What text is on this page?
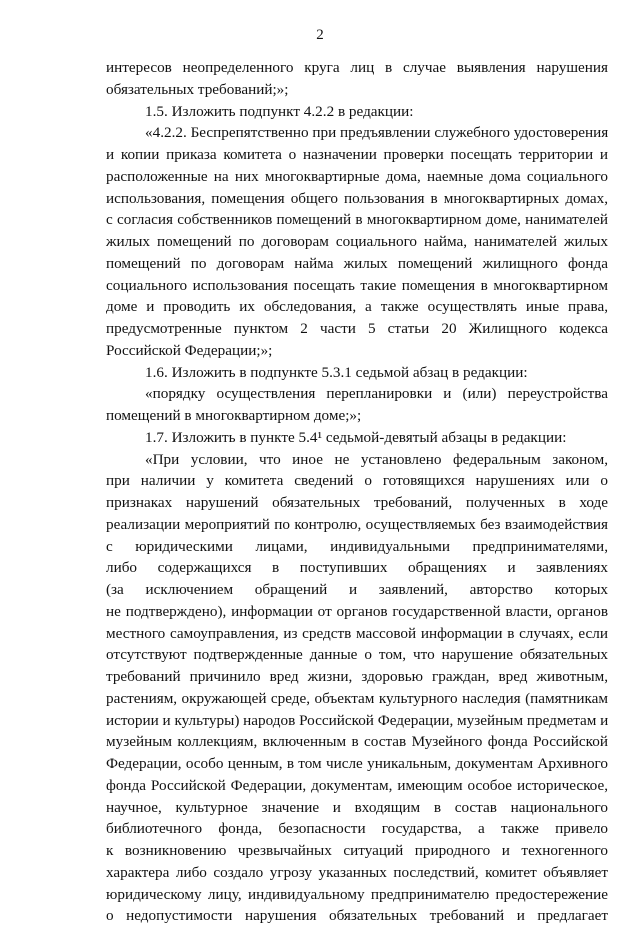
2
интересов неопределенного круга лиц в случае выявления нарушения
обязательных требований;»;
1.5. Изложить подпункт 4.2.2 в редакции:
«4.2.2. Беспрепятственно при предъявлении служебного удостоверения
и копии приказа комитета о назначении проверки посещать территории и
расположенные на них многоквартирные дома, наемные дома социального
использования, помещения общего пользования в многоквартирных домах,
с согласия собственников помещений в многоквартирном доме, нанимателей
жилых помещений по договорам социального найма, нанимателей жилых
помещений по договорам найма жилых помещений жилищного фонда
социального использования посещать такие помещения в многоквартирном
доме и проводить их обследования, а также осуществлять иные права,
предусмотренные пунктом 2 части 5 статьи 20 Жилищного кодекса
Российской Федерации;»;
1.6. Изложить в подпункте 5.3.1 седьмой абзац в редакции:
«порядку осуществления перепланировки и (или) переустройства
помещений в многоквартирном доме;»;
1.7. Изложить в пункте 5.4¹ седьмой-девятый абзацы в редакции:
«При условии, что иное не установлено федеральным законом,
при наличии у комитета сведений о готовящихся нарушениях или о
признаках нарушений обязательных требований, полученных в ходе
реализации мероприятий по контролю, осуществляемых без взаимодействия
с юридическими лицами, индивидуальными предпринимателями,
либо содержащихся в поступивших обращениях и заявлениях
(за исключением обращений и заявлений, авторство которых
не подтверждено), информации от органов государственной власти, органов
местного самоуправления, из средств массовой информации в случаях, если
отсутствуют подтвержденные данные о том, что нарушение обязательных
требований причинило вред жизни, здоровью граждан, вред животным,
растениям, окружающей среде, объектам культурного наследия (памятникам
истории и культуры) народов Российской Федерации, музейным предметам и
музейным коллекциям, включенным в состав Музейного фонда Российской
Федерации, особо ценным, в том числе уникальным, документам Архивного
фонда Российской Федерации, документам, имеющим особое историческое,
научное, культурное значение и входящим в состав национального
библиотечного фонда, безопасности государства, а также привело
к возникновению чрезвычайных ситуаций природного и техногенного
характера либо создало угрозу указанных последствий, комитет объявляет
юридическому лицу, индивидуальному предпринимателю предостережение
о недопустимости нарушения обязательных требований и предлагает
